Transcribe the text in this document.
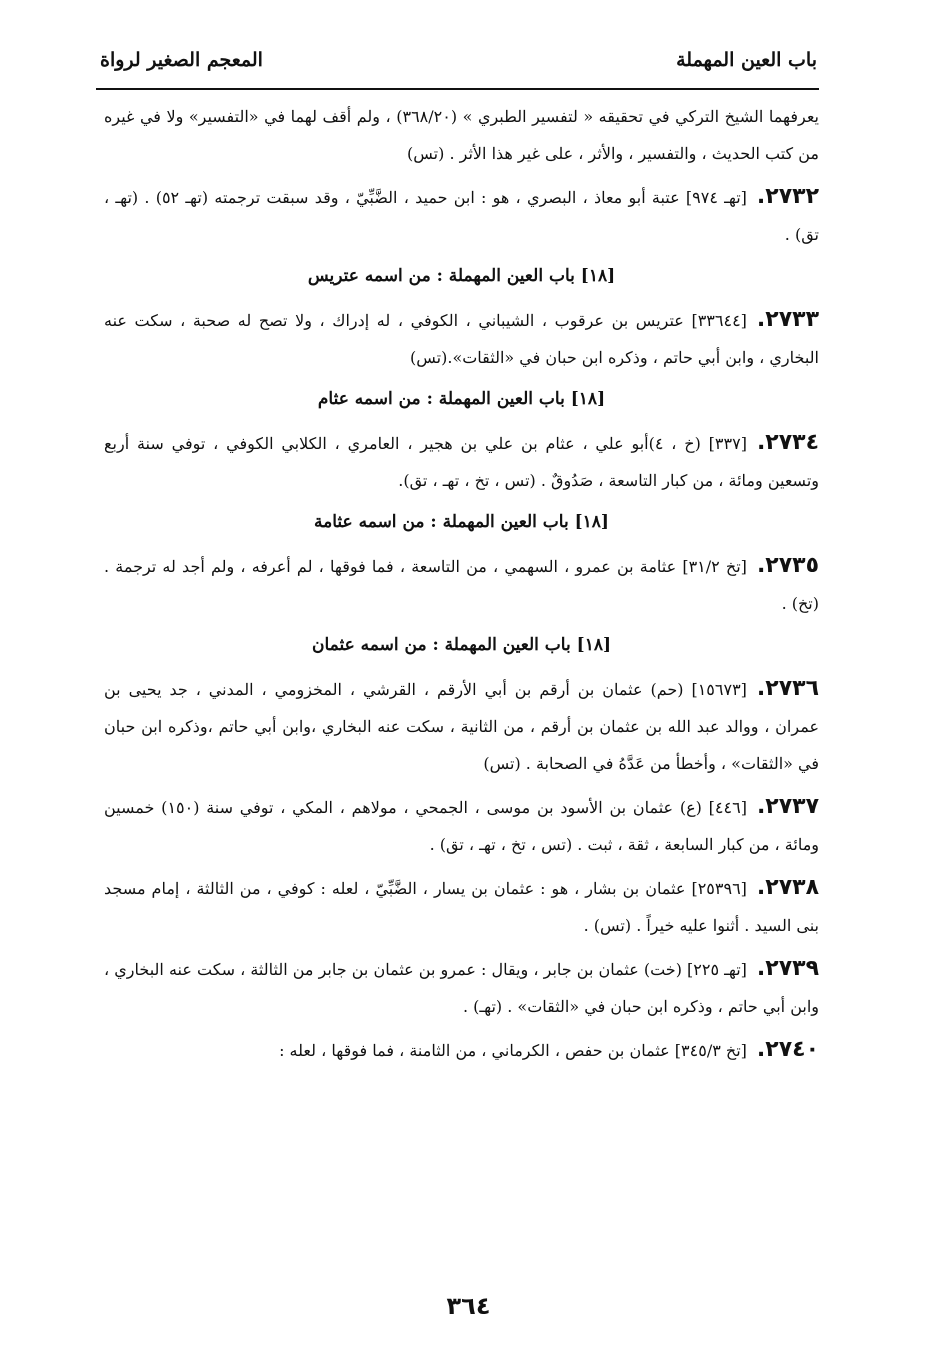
باب العين المهملة
المعجم الصغير لرواة

يعرفهما الشيخ التركي في تحقيقه « لتفسير الطبري » (٣٦٨/٢٠) ، ولم أقف لهما في «التفسير» ولا في غيره من كتب الحديث ، والتفسير ، والأثر ، على غير هذا الأثر . (تس)

٢٧٣٢.[تهـ ٩٧٤] عتبة أبو معاذ ، البصري ، هو : ابن حميد ، الضَّبِّيّ ، وقد سبقت ترجمته (تهـ ٥٢) . (تهـ ، تق) .

[١٨] باب العين المهملة : من اسمه عتريس

٢٧٣٣.[٣٣٦٤٤] عتريس بن عرقوب ، الشيباني ، الكوفي ، له إدراك ، ولا تصح له صحبة ، سكت عنه البخاري ، وابن أبي حاتم ، وذكره ابن حبان في «الثقات».(تس)

[١٨] باب العين المهملة : من اسمه عثام

٢٧٣٤.[٣٣٧] (خ ، ٤)أبو علي ، عثام بن علي بن هجير ، العامري ، الكلابي الكوفي ، توفي سنة أربع وتسعين ومائة ، من كبار التاسعة ، صَدُوقٌ . (تس ، تخ ، تهـ ، تق).

[١٨] باب العين المهملة : من اسمه عثامة

٢٧٣٥.[تخ ٣١/٢] عثامة بن عمرو ، السهمي ، من التاسعة ، فما فوقها ، لم أعرفه ، ولم أجد له ترجمة . (تخ) .

[١٨] باب العين المهملة : من اسمه عثمان

٢٧٣٦.[١٥٦٧٣] (حم) عثمان بن أرقم بن أبي الأرقم ، القرشي ، المخزومي ، المدني ، جد يحيى بن عمران ، ووالد عبد الله بن عثمان بن أرقم ، من الثانية ، سكت عنه البخاري ،وابن أبي حاتم ،وذكره ابن حبان في «الثقات» ، وأخطأ من عَدَّهُ في الصحابة . (تس)

٢٧٣٧.[٤٤٦] (ع) عثمان بن الأسود بن موسى ، الجمحي ، مولاهم ، المكي ، توفي سنة (١٥٠) خمسين ومائة ، من كبار السابعة ، ثقة ، ثبت . (تس ، تخ ، تهـ ، تق) .

٢٧٣٨.[٢٥٣٩٦] عثمان بن بشار ، هو : عثمان بن يسار ، الضَّبِّيّ ، لعله : كوفي ، من الثالثة ، إمام مسجد بنى السيد . أثنوا عليه خيراً . (تس) .

٢٧٣٩.[تهـ ٢٢٥] (خت) عثمان بن جابر ، ويقال : عمرو بن عثمان بن جابر من الثالثة ، سكت عنه البخاري ، وابن أبي حاتم ، وذكره ابن حبان في «الثقات» . (تهـ) .

٢٧٤٠.[تخ ٣٤٥/٣] عثمان بن حفص ، الكرماني ، من الثامنة ، فما فوقها ، لعله :

٣٦٤
